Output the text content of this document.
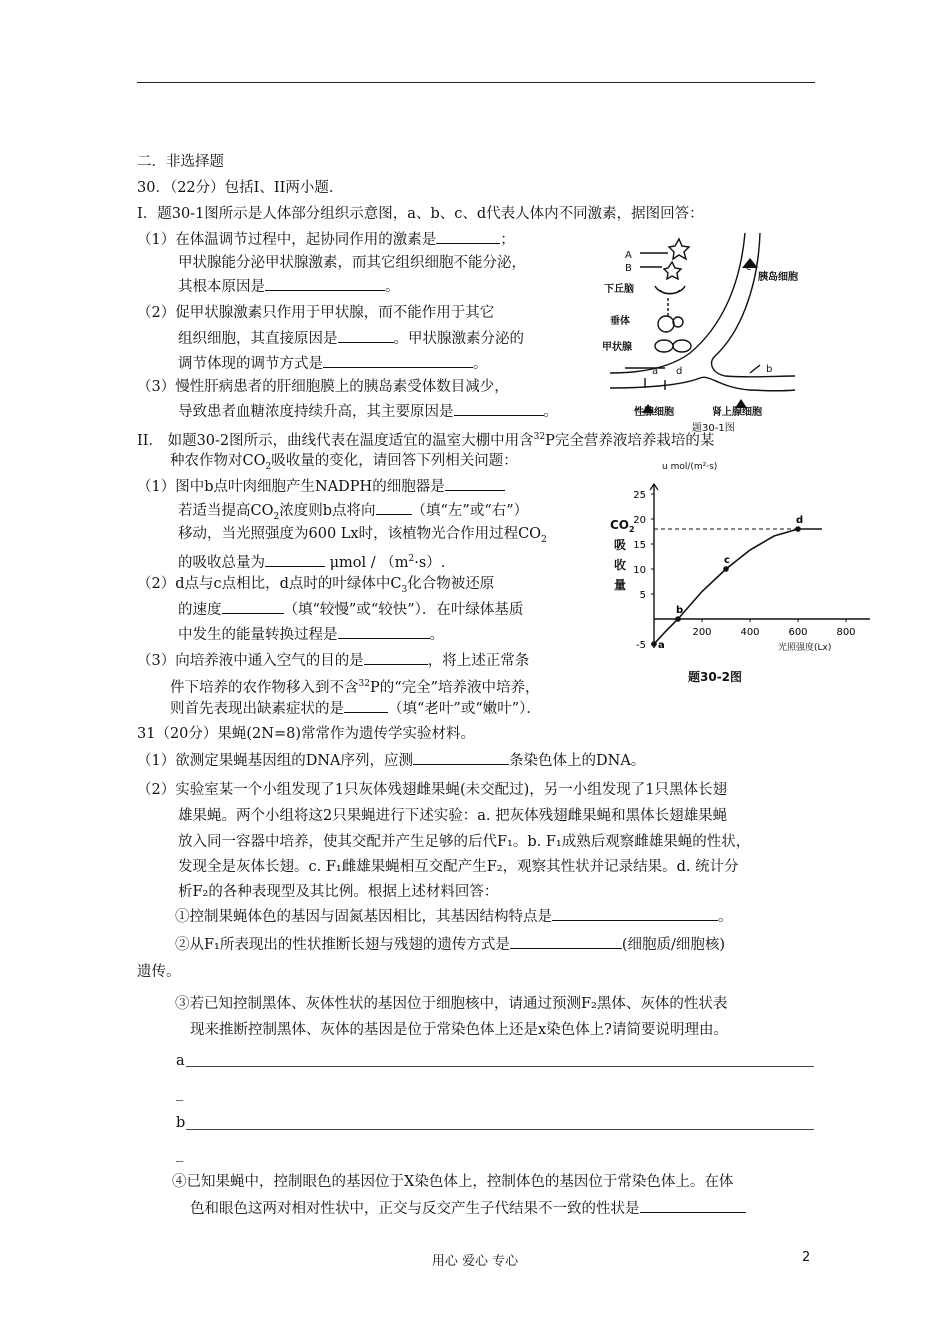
二．非选择题
30．（22分）包括Ⅰ、II两小题．
Ⅰ．题30-1图所示是人体部分组织示意图，a、b、c、d代表人体内不同激素，据图回答：
（1）在体温调节过程中，起协同作用的激素是	；
甲状腺能分泌甲状腺激素，而其它组织细胞不能分泌，
其根本原因是	。
（2）促甲状腺激素只作用于甲状腺，而不能作用于其它
组织细胞，其直接原因是	。甲状腺激素分泌的
调节体现的调节方式是	。
（3）慢性肝病患者的肝细胞膜上的胰岛素受体数目减少，
导致患者血糖浓度持续升高，其主要原因是	。
A
B
下丘脑
垂体
甲状腺
胰岛细胞
性腺细胞	肾上腺细胞
a	b
c
d
题30-1图
II． 如题30-2图所示，曲线代表在温度适宜的温室大棚中用含$^{32}$P完全营养液培养栽培的某
种农作物对$CO_2$吸收量的变化，请回答下列相关问题：
（1）图中b点叶肉细胞产生NADPH的细胞器是
若适当提高$CO_2$浓度则b点将向 （填“左”或“右”）
移动，当光照强度为600 Lx时，该植物光合作用过程$CO_2$
的吸收总量为	$\mu mol / (m^2\cdot s)$.
（2）d点与c点相比，d点时的叶绿体中$C_3$化合物被还原
的速度	（填“较慢”或“较快”）．在叶绿体基质
中发生的能量转换过程是	。
（3）向培养液中通入空气的目的是	，将上述正常条
件下培养的农作物移入到不含$^{32}$P的“完全”培养液中培养，
则首先表现出缺素症状的是	（填“老叶”或“嫩叶”）．
u mol/(m²·s)
$CO_2$
吸
收
量
光照强度(Lx)
题30-2图
-5
5
10
15
20
25
200	400	600	800
a
b
c
d
31（20分）果蝇(2N=8)常常作为遗传学实验材料。
（1）欲测定果蝇基因组的DNA序列，应测	条染色体上的DNA。
（2）实验室某一个小组发现了1只灰体残翅雌果蝇(未交配过)，另一小组发现了1只黑体长翅
雄果蝇。两个小组将这2只果蝇进行下述实验：a. 把灰体残翅雌果蝇和黑体长翅雄果蝇
放入同一容器中培养，使其交配并产生足够的后代F₁。b. F₁成熟后观察雌雄果蝇的性状，
发现全是灰体长翅。c. F₁雌雄果蝇相互交配产生F₂，观察其性状并记录结果。d. 统计分
析F₂的各种表现型及其比例。根据上述材料回答：
①控制果蝇体色的基因与固氮基因相比，其基因结构特点是	。
②从F₁所表现出的性状推断长翅与残翅的遗传方式是	(细胞质/细胞核)
遗传。
③若已知控制黑体、灰体性状的基因位于细胞核中，请通过预测F₂黑体、灰体的性状表
现来推断控制黑体、灰体的基因是位于常染色体上还是x染色体上?请简要说明理由。
a
_
b
_
④已知果蝇中，控制眼色的基因位于X染色体上，控制体色的基因位于常染色体上。在体
色和眼色这两对相对性状中，正交与反交产生子代结果不一致的性状是
用心 爱心 专心	2
